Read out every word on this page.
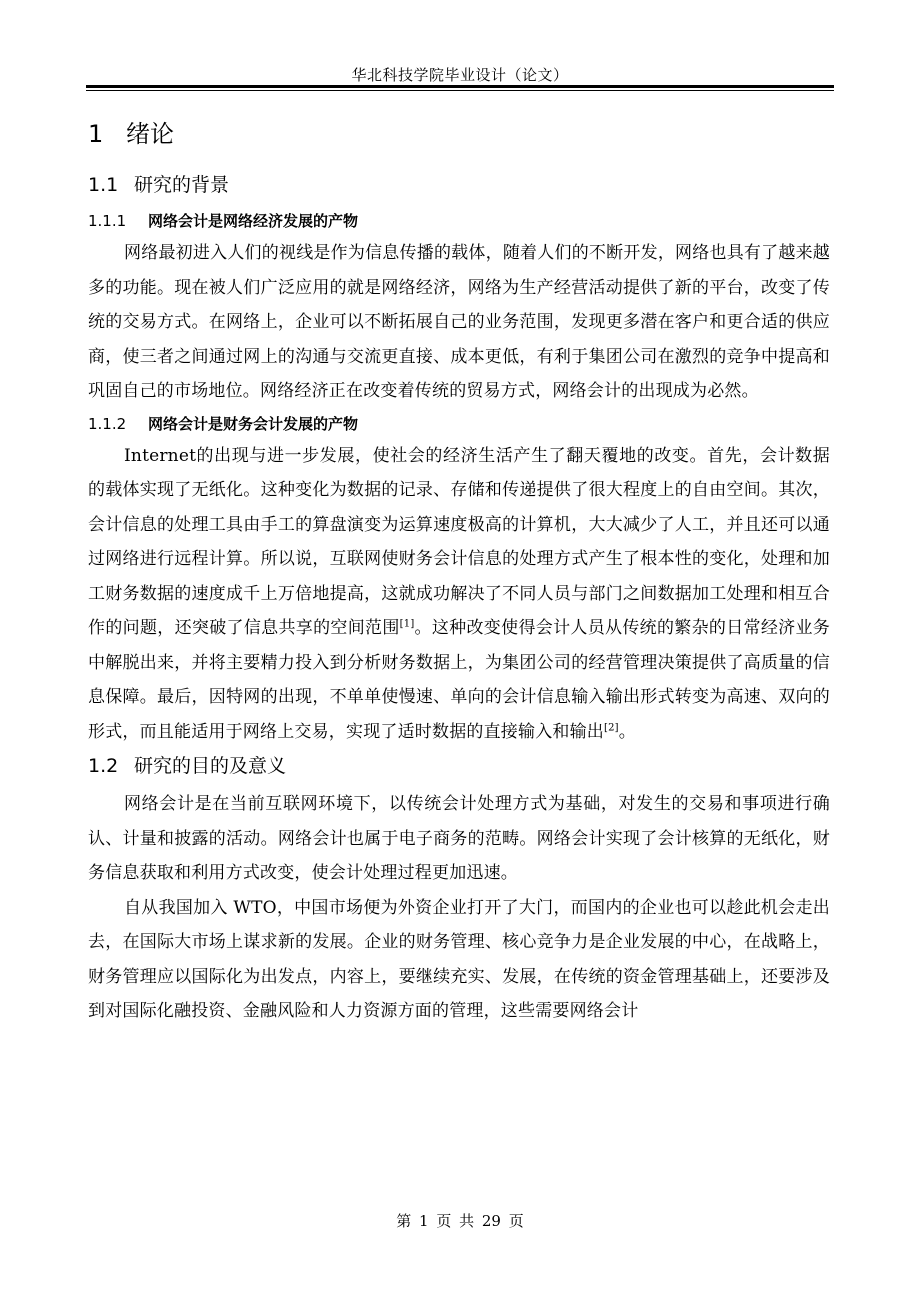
华北科技学院毕业设计（论文）
1 绪论
1.1 研究的背景
1.1.1 网络会计是网络经济发展的产物

网络最初进入人们的视线是作为信息传播的载体，随着人们的不断开发，网络也具有了越来越多的功能。现在被人们广泛应用的就是网络经济，网络为生产经营活动提供了新的平台，改变了传统的交易方式。在网络上，企业可以不断拓展自己的业务范围，发现更多潜在客户和更合适的供应商，使三者之间通过网上的沟通与交流更直接、成本更低，有利于集团公司在激烈的竞争中提高和巩固自己的市场地位。网络经济正在改变着传统的贸易方式，网络会计的出现成为必然。

1.1.2 网络会计是财务会计发展的产物

Internet的出现与进一步发展，使社会的经济生活产生了翻天覆地的改变。首先，会计数据的载体实现了无纸化。这种变化为数据的记录、存储和传递提供了很大程度上的自由空间。其次，会计信息的处理工具由手工的算盘演变为运算速度极高的计算机，大大减少了人工，并且还可以通过网络进行远程计算。所以说，互联网使财务会计信息的处理方式产生了根本性的变化，处理和加工财务数据的速度成千上万倍地提高，这就成功解决了不同人员与部门之间数据加工处理和相互合作的问题，还突破了信息共享的空间范围[1]。这种改变使得会计人员从传统的繁杂的日常经济业务中解脱出来，并将主要精力投入到分析财务数据上，为集团公司的经营管理决策提供了高质量的信息保障。最后，因特网的出现，不单单使慢速、单向的会计信息输入输出形式转变为高速、双向的形式，而且能适用于网络上交易，实现了适时数据的直接输入和输出[2]。

1.2 研究的目的及意义

网络会计是在当前互联网环境下，以传统会计处理方式为基础，对发生的交易和事项进行确认、计量和披露的活动。网络会计也属于电子商务的范畴。网络会计实现了会计核算的无纸化，财务信息获取和利用方式改变，使会计处理过程更加迅速。

自从我国加入 WTO，中国市场便为外资企业打开了大门，而国内的企业也可以趁此机会走出去，在国际大市场上谋求新的发展。企业的财务管理、核心竞争力是企业发展的中心，在战略上，财务管理应以国际化为出发点，内容上，要继续充实、发展，在传统的资金管理基础上，还要涉及到对国际化融投资、金融风险和人力资源方面的管理，这些需要网络会计

第 1 页 共 29 页
